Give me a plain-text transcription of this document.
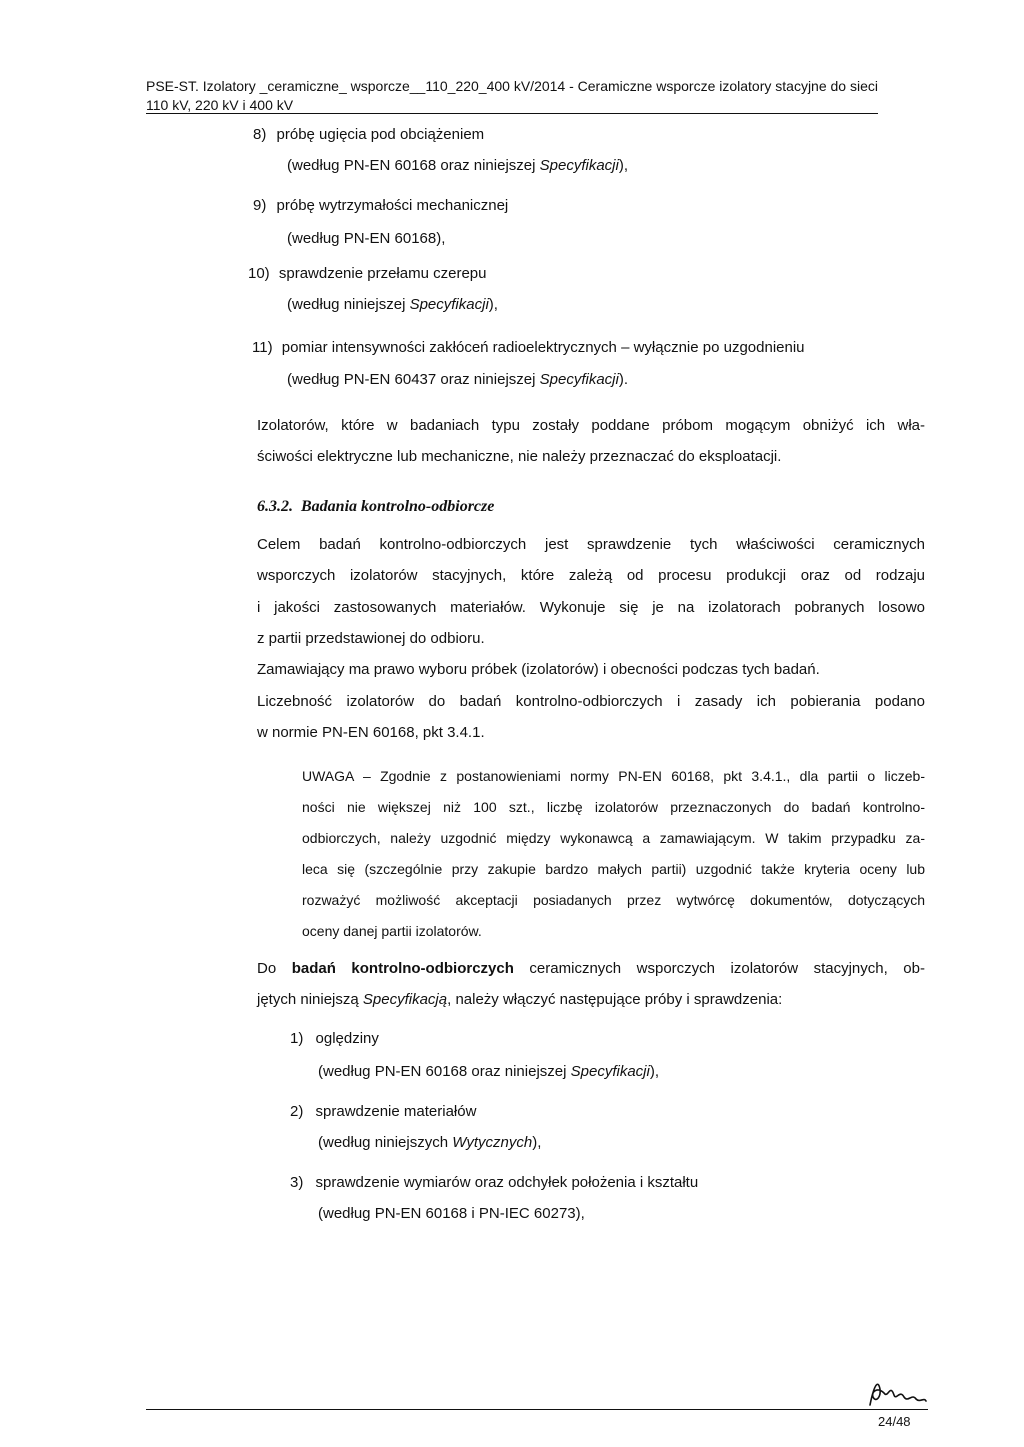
PSE-ST. Izolatory _ceramiczne_ wsporcze__110_220_400 kV/2014 - Ceramiczne wsporcze izolatory stacyjne do sieci
110 kV, 220 kV i 400 kV
8) próbę ugięcia pod obciążeniem
(według PN-EN 60168 oraz niniejszej Specyfikacji),
9) próbę wytrzymałości mechanicznej
(według PN-EN 60168),
10) sprawdzenie przełamu czerepu
(według niniejszej Specyfikacji),
11) pomiar intensywności zakłóceń radioelektrycznych – wyłącznie po uzgodnieniu
(według PN-EN 60437 oraz niniejszej Specyfikacji).
Izolatorów, które w badaniach typu zostały poddane próbom mogącym obniżyć ich wła-
ściwości elektryczne lub mechaniczne, nie należy przeznaczać do eksploatacji.
6.3.2. Badania kontrolno-odbiorcze
Celem badań kontrolno-odbiorczych jest sprawdzenie tych właściwości ceramicznych
wsporczych izolatorów stacyjnych, które zależą od procesu produkcji oraz od rodzaju
i jakości zastosowanych materiałów. Wykonuje się je na izolatorach pobranych losowo
z partii przedstawionej do odbioru.
Zamawiający ma prawo wyboru próbek (izolatorów) i obecności podczas tych badań.
Liczebność izolatorów do badań kontrolno-odbiorczych i zasady ich pobierania podano
w normie PN-EN 60168, pkt 3.4.1.
UWAGA – Zgodnie z postanowieniami normy PN-EN 60168, pkt 3.4.1., dla partii o liczeb-
ności nie większej niż 100 szt., liczbę izolatorów przeznaczonych do badań kontrolno-
odbiorczych, należy uzgodnić między wykonawcą a zamawiającym. W takim przypadku za-
leca się (szczególnie przy zakupie bardzo małych partii) uzgodnić także kryteria oceny lub
rozważyć możliwość akceptacji posiadanych przez wytwórcę dokumentów, dotyczących
oceny danej partii izolatorów.
Do badań kontrolno-odbiorczych ceramicznych wsporczych izolatorów stacyjnych, ob-
jętych niniejszą Specyfikacją, należy włączyć następujące próby i sprawdzenia:
1) oględziny
(według PN-EN 60168 oraz niniejszej Specyfikacji),
2) sprawdzenie materiałów
(według niniejszych Wytycznych),
3) sprawdzenie wymiarów oraz odchyłek położenia i kształtu
(według PN-EN 60168 i PN-IEC 60273),
24/48
